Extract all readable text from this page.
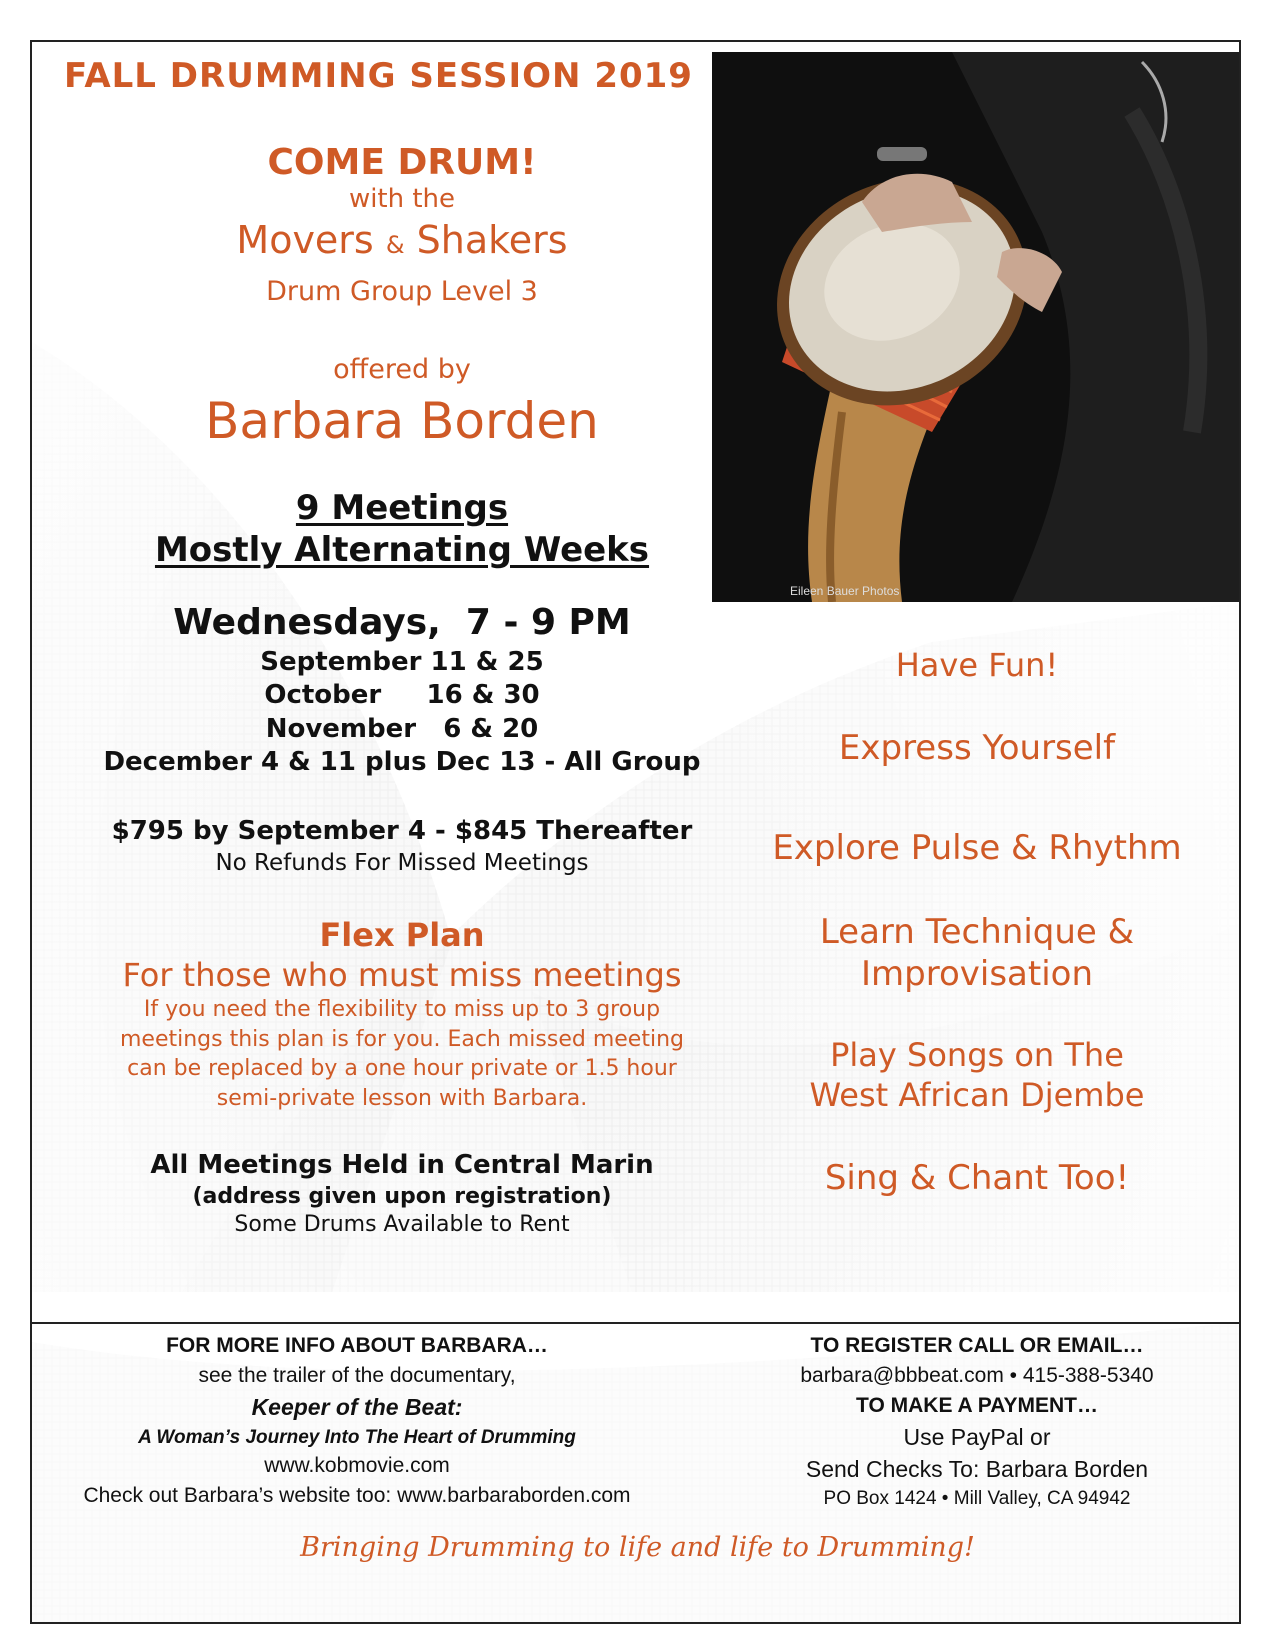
FALL DRUMMING SESSION 2019
COME DRUM!
with the
Movers & Shakers
Drum Group Level 3
offered by
Barbara Borden
9 Meetings
Mostly Alternating Weeks
Wednesdays,  7 - 9 PM
September 11 & 25
October     16 & 30
November   6 & 20
December 4 & 11 plus Dec 13 - All Group
$795 by September 4 - $845 Thereafter
No Refunds For Missed Meetings
Flex Plan
For those who must miss meetings
If you need the flexibility to miss up to 3 group
meetings this plan is for you. Each missed meeting
can be replaced by a one hour private or 1.5 hour
semi-private lesson with Barbara.
All Meetings Held in Central Marin
(address given upon registration)
Some Drums Available to Rent
Eileen Bauer Photos
Have Fun!
Express Yourself
Explore Pulse & Rhythm
Learn Technique &
Improvisation
Play Songs on The
West African Djembe
Sing & Chant Too!
FOR MORE INFO ABOUT BARBARA…
see the trailer of the documentary,
Keeper of the Beat:
A Woman’s Journey Into The Heart of Drumming
www.kobmovie.com
Check out Barbara’s website too: www.barbaraborden.com
TO REGISTER CALL OR EMAIL…
barbara@bbbeat.com • 415-388-5340
TO MAKE A PAYMENT…
Use PayPal or
Send Checks To: Barbara Borden
PO Box 1424 • Mill Valley, CA 94942
Bringing Drumming to life and life to Drumming!
